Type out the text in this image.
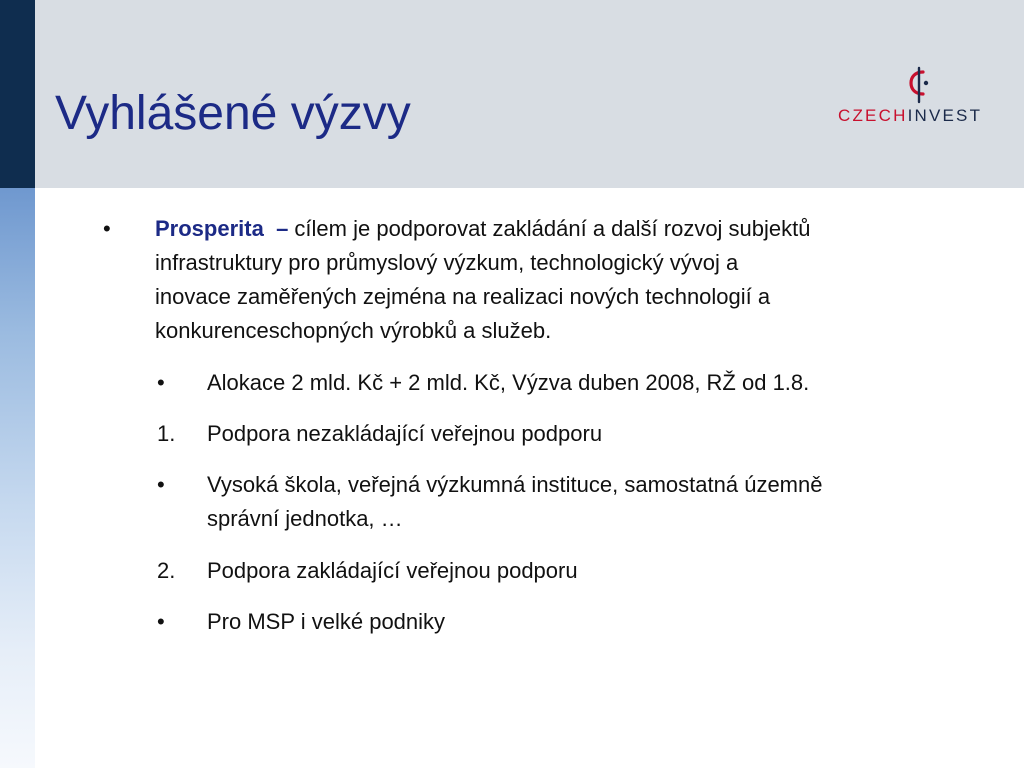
Vyhlášené výzvy	CZECHINVEST
• Prosperita – cílem je podporovat zakládání a další rozvoj subjektů
infrastruktury pro průmyslový výzkum, technologický vývoj a
inovace zaměřených zejména na realizaci nových technologií a
konkurenceschopných výrobků a služeb.
• Alokace 2 mld. Kč + 2 mld. Kč, Výzva duben 2008, RŽ od 1.8.
1. Podpora nezakládající veřejnou podporu
• Vysoká škola, veřejná výzkumná instituce, samostatná územně
správní jednotka, …
2. Podpora zakládající veřejnou podporu
• Pro MSP i velké podniky
